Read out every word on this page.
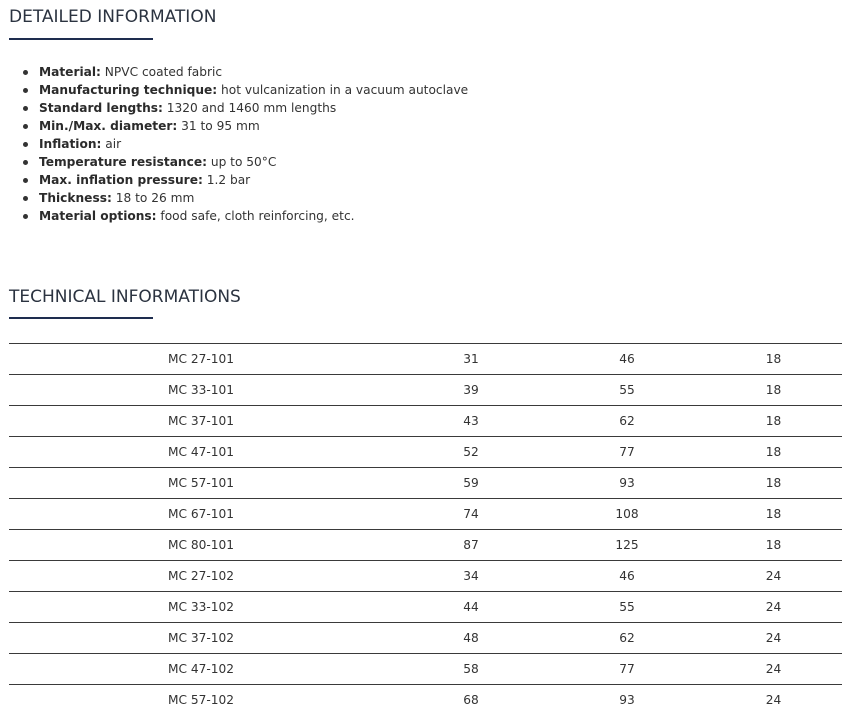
DETAILED INFORMATION
Material: NPVC coated fabric
Manufacturing technique: hot vulcanization in a vacuum autoclave
Standard lengths: 1320 and 1460 mm lengths
Min./Max. diameter: 31 to 95 mm
Inflation: air
Temperature resistance: up to 50°C
Max. inflation pressure: 1.2 bar
Thickness: 18 to 26 mm
Material options: food safe, cloth reinforcing, etc.
TECHNICAL INFORMATIONS
MC 27-101	31	46	18
MC 33-101	39	55	18
MC 37-101	43	62	18
MC 47-101	52	77	18
MC 57-101	59	93	18
MC 67-101	74	108	18
MC 80-101	87	125	18
MC 27-102	34	46	24
MC 33-102	44	55	24
MC 37-102	48	62	24
MC 47-102	58	77	24
MC 57-102	68	93	24
